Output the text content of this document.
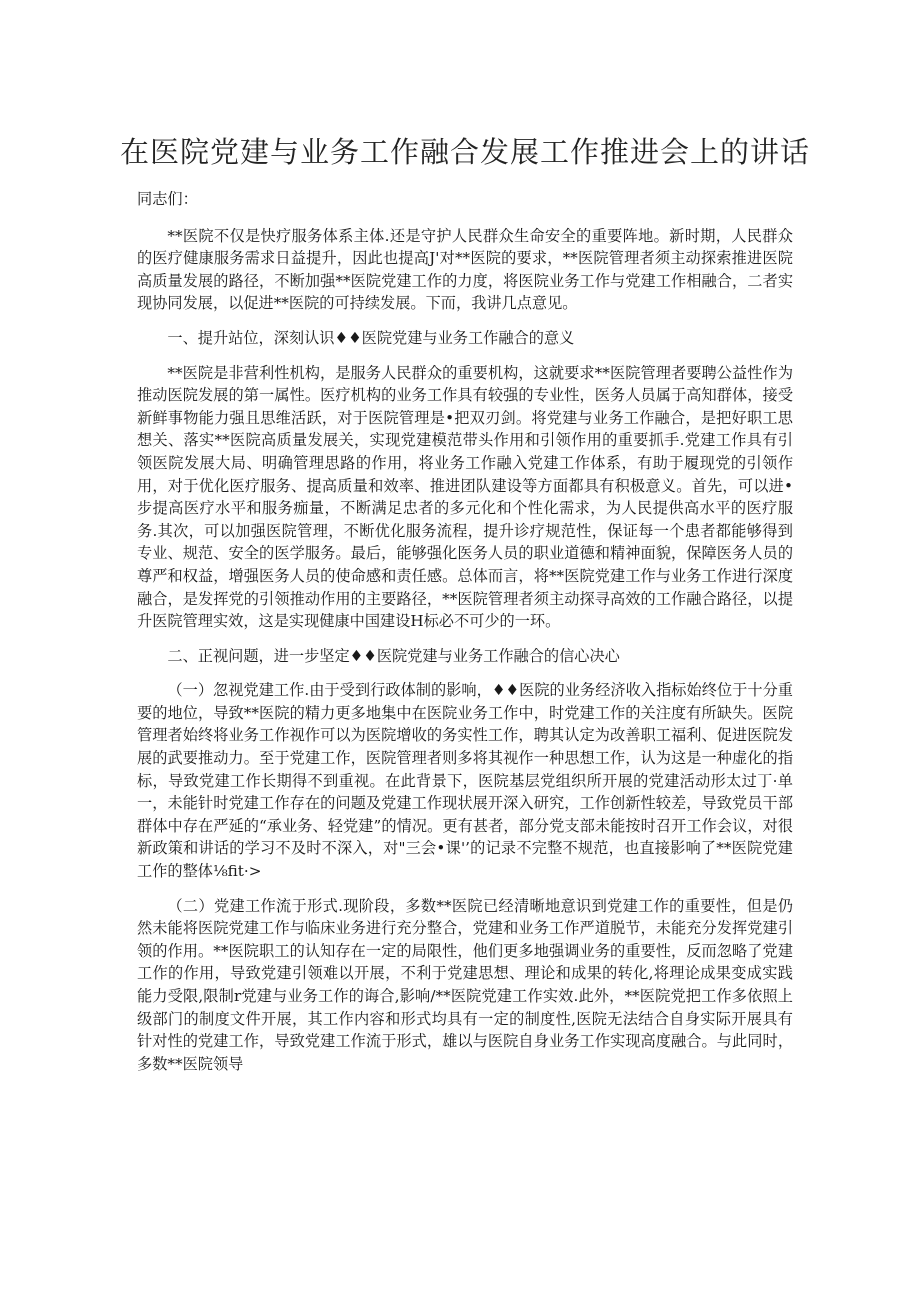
在医院党建与业务工作融合发展工作推进会上的讲话

同志们：

**医院不仅是快疗服务体系主体.还是守护人民群众生命安全的重要阵地。新时期，人民群众的医疗健康服务需求日益提升，因此也提高J'对**医院的要求，**医院管理者须主动探索推进医院高质量发展的路径，不断加强**医院党建工作的力度，将医院业务工作与党建工作相融合，二者实现协同发展，以促进**医院的可持续发展。下而，我讲几点意见。

一、提升站位，深刻认识♦♦医院党建与业务工作融合的意义

**医院是非营利性机构，是服务人民群众的重要机构，这就要求**医院管理者要聘公益性作为推动医院发展的第一属性。医疗机构的业务工作具有较强的专业性，医务人员属于高知群体，接受新鲜事物能力强且思维活跃，对于医院管理是•把双刃剑。将党建与业务工作融合，是把好职工思想关、落实**医院高质量发展关，实现党建模范带头作用和引领作用的重要抓手.党建工作具有引领医院发展大局、明确管理思路的作用，将业务工作融入党建工作体系，有助于履现党的引领作用，对于优化医疗服务、提高质量和效率、推进团队建设等方面都具有积极意义。首先，可以进•步提高医疗水平和服务痂量，不断满足忠者的多元化和个性化需求，为人民提供高水平的医疗服务.其次，可以加强医院管理，不断优化服务流程，提升诊疗规范性，保证每一个患者都能够得到专业、规范、安全的医学服务。最后，能够强化医务人员的职业道德和精神面貌，保障医务人员的尊严和权益，增强医务人员的使命感和责任感。总体而言，将**医院党建工作与业务工作进行深度融合，是发挥党的引领推动作用的主要路径，**医院管理者须主动探寻高效的工作融合路径，以提升医院管理实效，这是实现健康中国建设H标必不可少的一环。

二、正视问题，进一步坚定♦♦医院党建与业务工作融合的信心决心

（一）忽视党建工作.由于受到行政体制的影响，♦♦医院的业务经济收入指标始终位于十分重要的地位，导致**医院的精力更多地集中在医院业务工作中，时党建工作的关注度有所缺失。医院管理者始终将业务工作视作可以为医院增收的务实性工作，聘其认定为改善职工福利、促进医院发展的武要推动力。至于党建工作，医院管理者则多将其视作一种思想工作，认为这是一种虚化的指标，导致党建工作长期得不到重视。在此背景下，医院基层党组织所开展的党建活动形太过丁·单一，未能针时党建工作存在的问题及党建工作现状展开深入研究，工作创新性较差，导致党员干部群体中存在严延的“承业务、轻党建”的情况。更有甚者，部分党支部未能按时召开工作会议，对很新政策和讲话的学习不及时不深入，对"三会•课'’的记录不完整不规范，也直接影响了**医院党建工作的整体⅛fit·>

（二）党建工作流于形式.现阶段，多数**医院已经清晰地意识到党建工作的重要性，但是仍然未能将医院党建工作与临床业务进行充分整合，党建和业务工作严道脱节，未能充分发挥党建引领的作用。**医院职工的认知存在一定的局限性，他们更多地强调业务的重要性，反而忽略了党建工作的作用，导致党建引领难以开展，不利于党建思想、理论和成果的转化,将理论成果变成实践能力受限,限制r党建与业务工作的诲合,影响/**医院党建工作实效.此外，**医院党把工作多依照上级部门的制度文件开展，其工作内容和形式均具有一定的制度性,医院无法结合自身实际开展具有针对性的党建工作，导致党建工作流于形式，雄以与医院自身业务工作实现高度融合。与此同时，多数**医院领导
